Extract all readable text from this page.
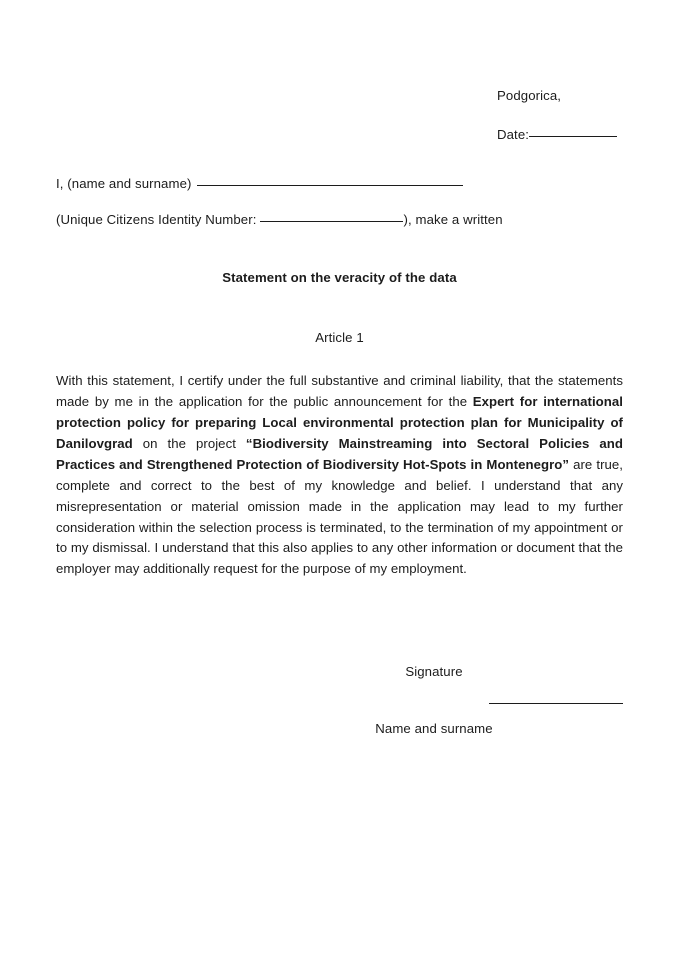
Podgorica,
Date:
I, (name and surname)
(Unique Citizens Identity Number:	), make a written
Statement on the veracity of the data
Article 1

With this statement, I certify under the full substantive and criminal liability, that the statements made by me in the application for the public announcement for the Expert for international protection policy for preparing Local environmental protection plan for Municipality of Danilovgrad on the project “Biodiversity Mainstreaming into Sectoral Policies and Practices and Strengthened Protection of Biodiversity Hot-Spots in Montenegro” are true, complete and correct to the best of my knowledge and belief. I understand that any misrepresentation or material omission made in the application may lead to my further consideration within the selection process is terminated, to the termination of my appointment or to my dismissal. I understand that this also applies to any other information or document that the employer may additionally request for the purpose of my employment.

Signature
Name and surname
